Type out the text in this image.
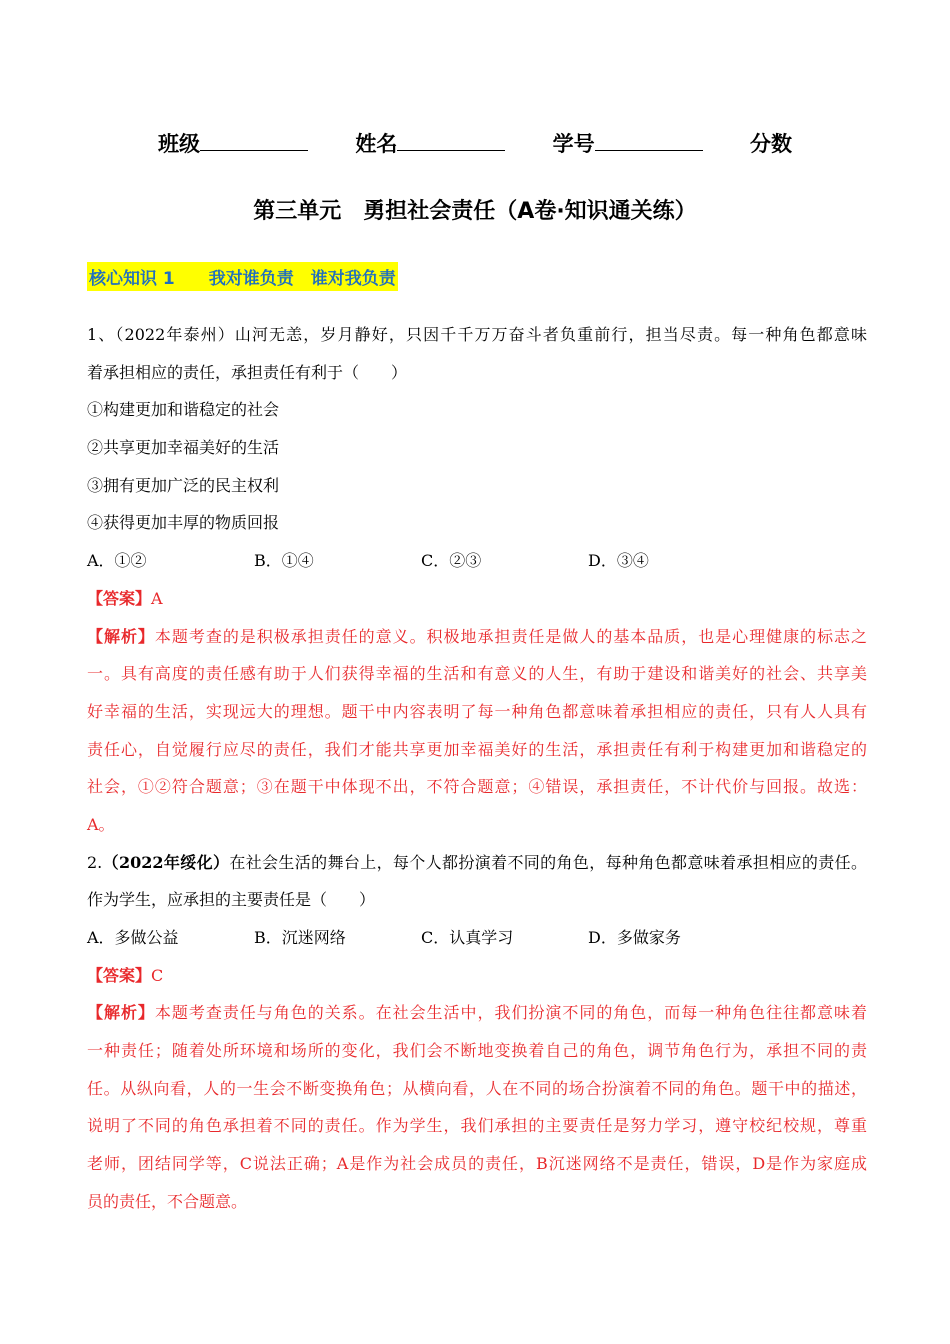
班级	姓名	学号	分数
第三单元　勇担社会责任（A卷·知识通关练）
核心知识 1　　我对谁负责　谁对我负责
1、（2022年泰州）山河无恙，岁月静好，只因千千万万奋斗者负重前行，担当尽责。每一种角色都意味
着承担相应的责任，承担责任有利于（　　）
①构建更加和谐稳定的社会
②共享更加幸福美好的生活
③拥有更加广泛的民主权利
④获得更加丰厚的物质回报
A．①②	B．①④	C．②③	D．③④
【答案】A
【解析】本题考查的是积极承担责任的意义。积极地承担责任是做人的基本品质，也是心理健康的标志之
一。具有高度的责任感有助于人们获得幸福的生活和有意义的人生，有助于建设和谐美好的社会、共享美
好幸福的生活，实现远大的理想。题干中内容表明了每一种角色都意味着承担相应的责任，只有人人具有
责任心，自觉履行应尽的责任，我们才能共享更加幸福美好的生活，承担责任有利于构建更加和谐稳定的
社会，①②符合题意；③在题干中体现不出，不符合题意；④错误，承担责任，不计代价与回报。故选：
A。
2.（2022年绥化）在社会生活的舞台上，每个人都扮演着不同的角色，每种角色都意味着承担相应的责任。
作为学生，应承担的主要责任是（　　）
A．多做公益	B．沉迷网络	C．认真学习	D．多做家务
【答案】C
【解析】本题考查责任与角色的关系。在社会生活中，我们扮演不同的角色，而每一种角色往往都意味着
一种责任；随着处所环境和场所的变化，我们会不断地变换着自己的角色，调节角色行为，承担不同的责
任。从纵向看，人的一生会不断变换角色；从横向看，人在不同的场合扮演着不同的角色。题干中的描述，
说明了不同的角色承担着不同的责任。作为学生，我们承担的主要责任是努力学习，遵守校纪校规，尊重
老师，团结同学等，C说法正确；A是作为社会成员的责任，B沉迷网络不是责任，错误，D是作为家庭成
员的责任，不合题意。
